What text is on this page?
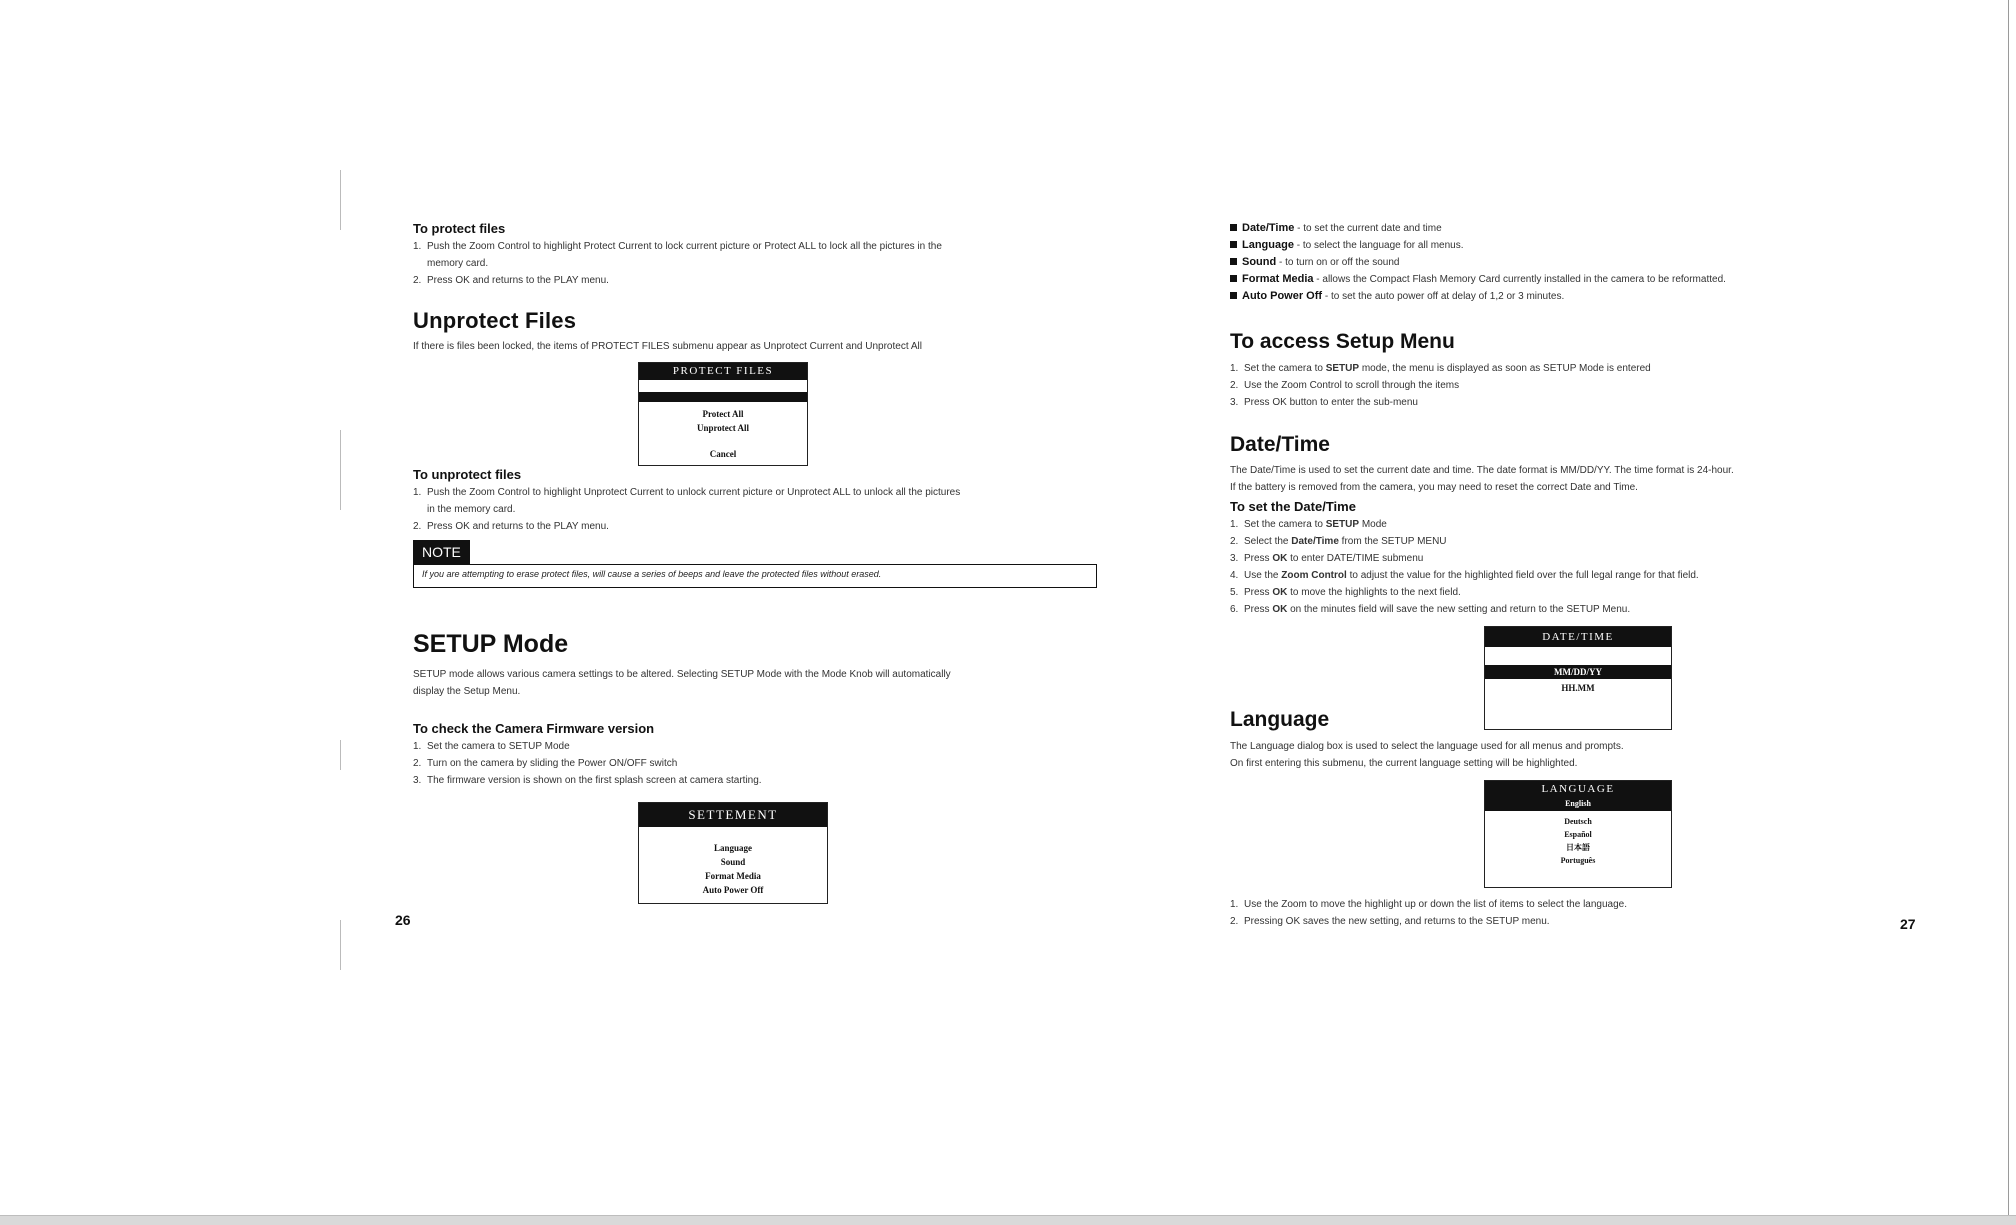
To protect files
1. Push the Zoom Control to highlight Protect Current to lock current picture or Protect ALL to lock all the pictures in the
memory card.
2. Press OK and returns to the PLAY menu.
Unprotect Files
If there is files been locked, the items of PROTECT FILES submenu appear as Unprotect Current and Unprotect All
PROTECT FILES
Protect All
Unprotect All
Cancel
To unprotect files
1. Push the Zoom Control to highlight Unprotect Current to unlock current picture or Unprotect ALL to unlock all the pictures
in the memory card.
2. Press OK and returns to the PLAY menu.
NOTE
If you are attempting to erase protect files, will cause a series of beeps and leave the protected files without erased.
SETUP Mode
SETUP mode allows various camera settings to be altered. Selecting SETUP Mode with the Mode Knob will automatically
display the Setup Menu.
To check the Camera Firmware version
1. Set the camera to SETUP Mode
2. Turn on the camera by sliding the Power ON/OFF switch
3. The firmware version is shown on the first splash screen at camera starting.
SETTEMENT
Language
Sound
Format Media
Auto Power Off
26
Date/Time - to set the current date and time
Language - to select the language for all menus.
Sound - to turn on or off the sound
Format Media - allows the Compact Flash Memory Card currently installed in the camera to be reformatted.
Auto Power Off - to set the auto power off at delay of 1,2 or 3 minutes.
To access Setup Menu
1. Set the camera to SETUP mode, the menu is displayed as soon as SETUP Mode is entered
2. Use the Zoom Control to scroll through the items
3. Press OK button to enter the sub-menu
Date/Time
The Date/Time is used to set the current date and time. The date format is MM/DD/YY. The time format is 24-hour.
If the battery is removed from the camera, you may need to reset the correct Date and Time.
To set the Date/Time
1. Set the camera to SETUP Mode
2. Select the Date/Time from the SETUP MENU
3. Press OK to enter DATE/TIME submenu
4. Use the Zoom Control to adjust the value for the highlighted field over the full legal range for that field.
5. Press OK to move the highlights to the next field.
6. Press OK on the minutes field will save the new setting and return to the SETUP Menu.
DATE/TIME
MM/DD/YY
HH.MM
Language
The Language dialog box is used to select the language used for all menus and prompts.
On first entering this submenu, the current language setting will be highlighted.
LANGUAGE
English
Deutsch
Español
日本語
Português
1. Use the Zoom to move the highlight up or down the list of items to select the language.
2. Pressing OK saves the new setting, and returns to the SETUP menu.	27
